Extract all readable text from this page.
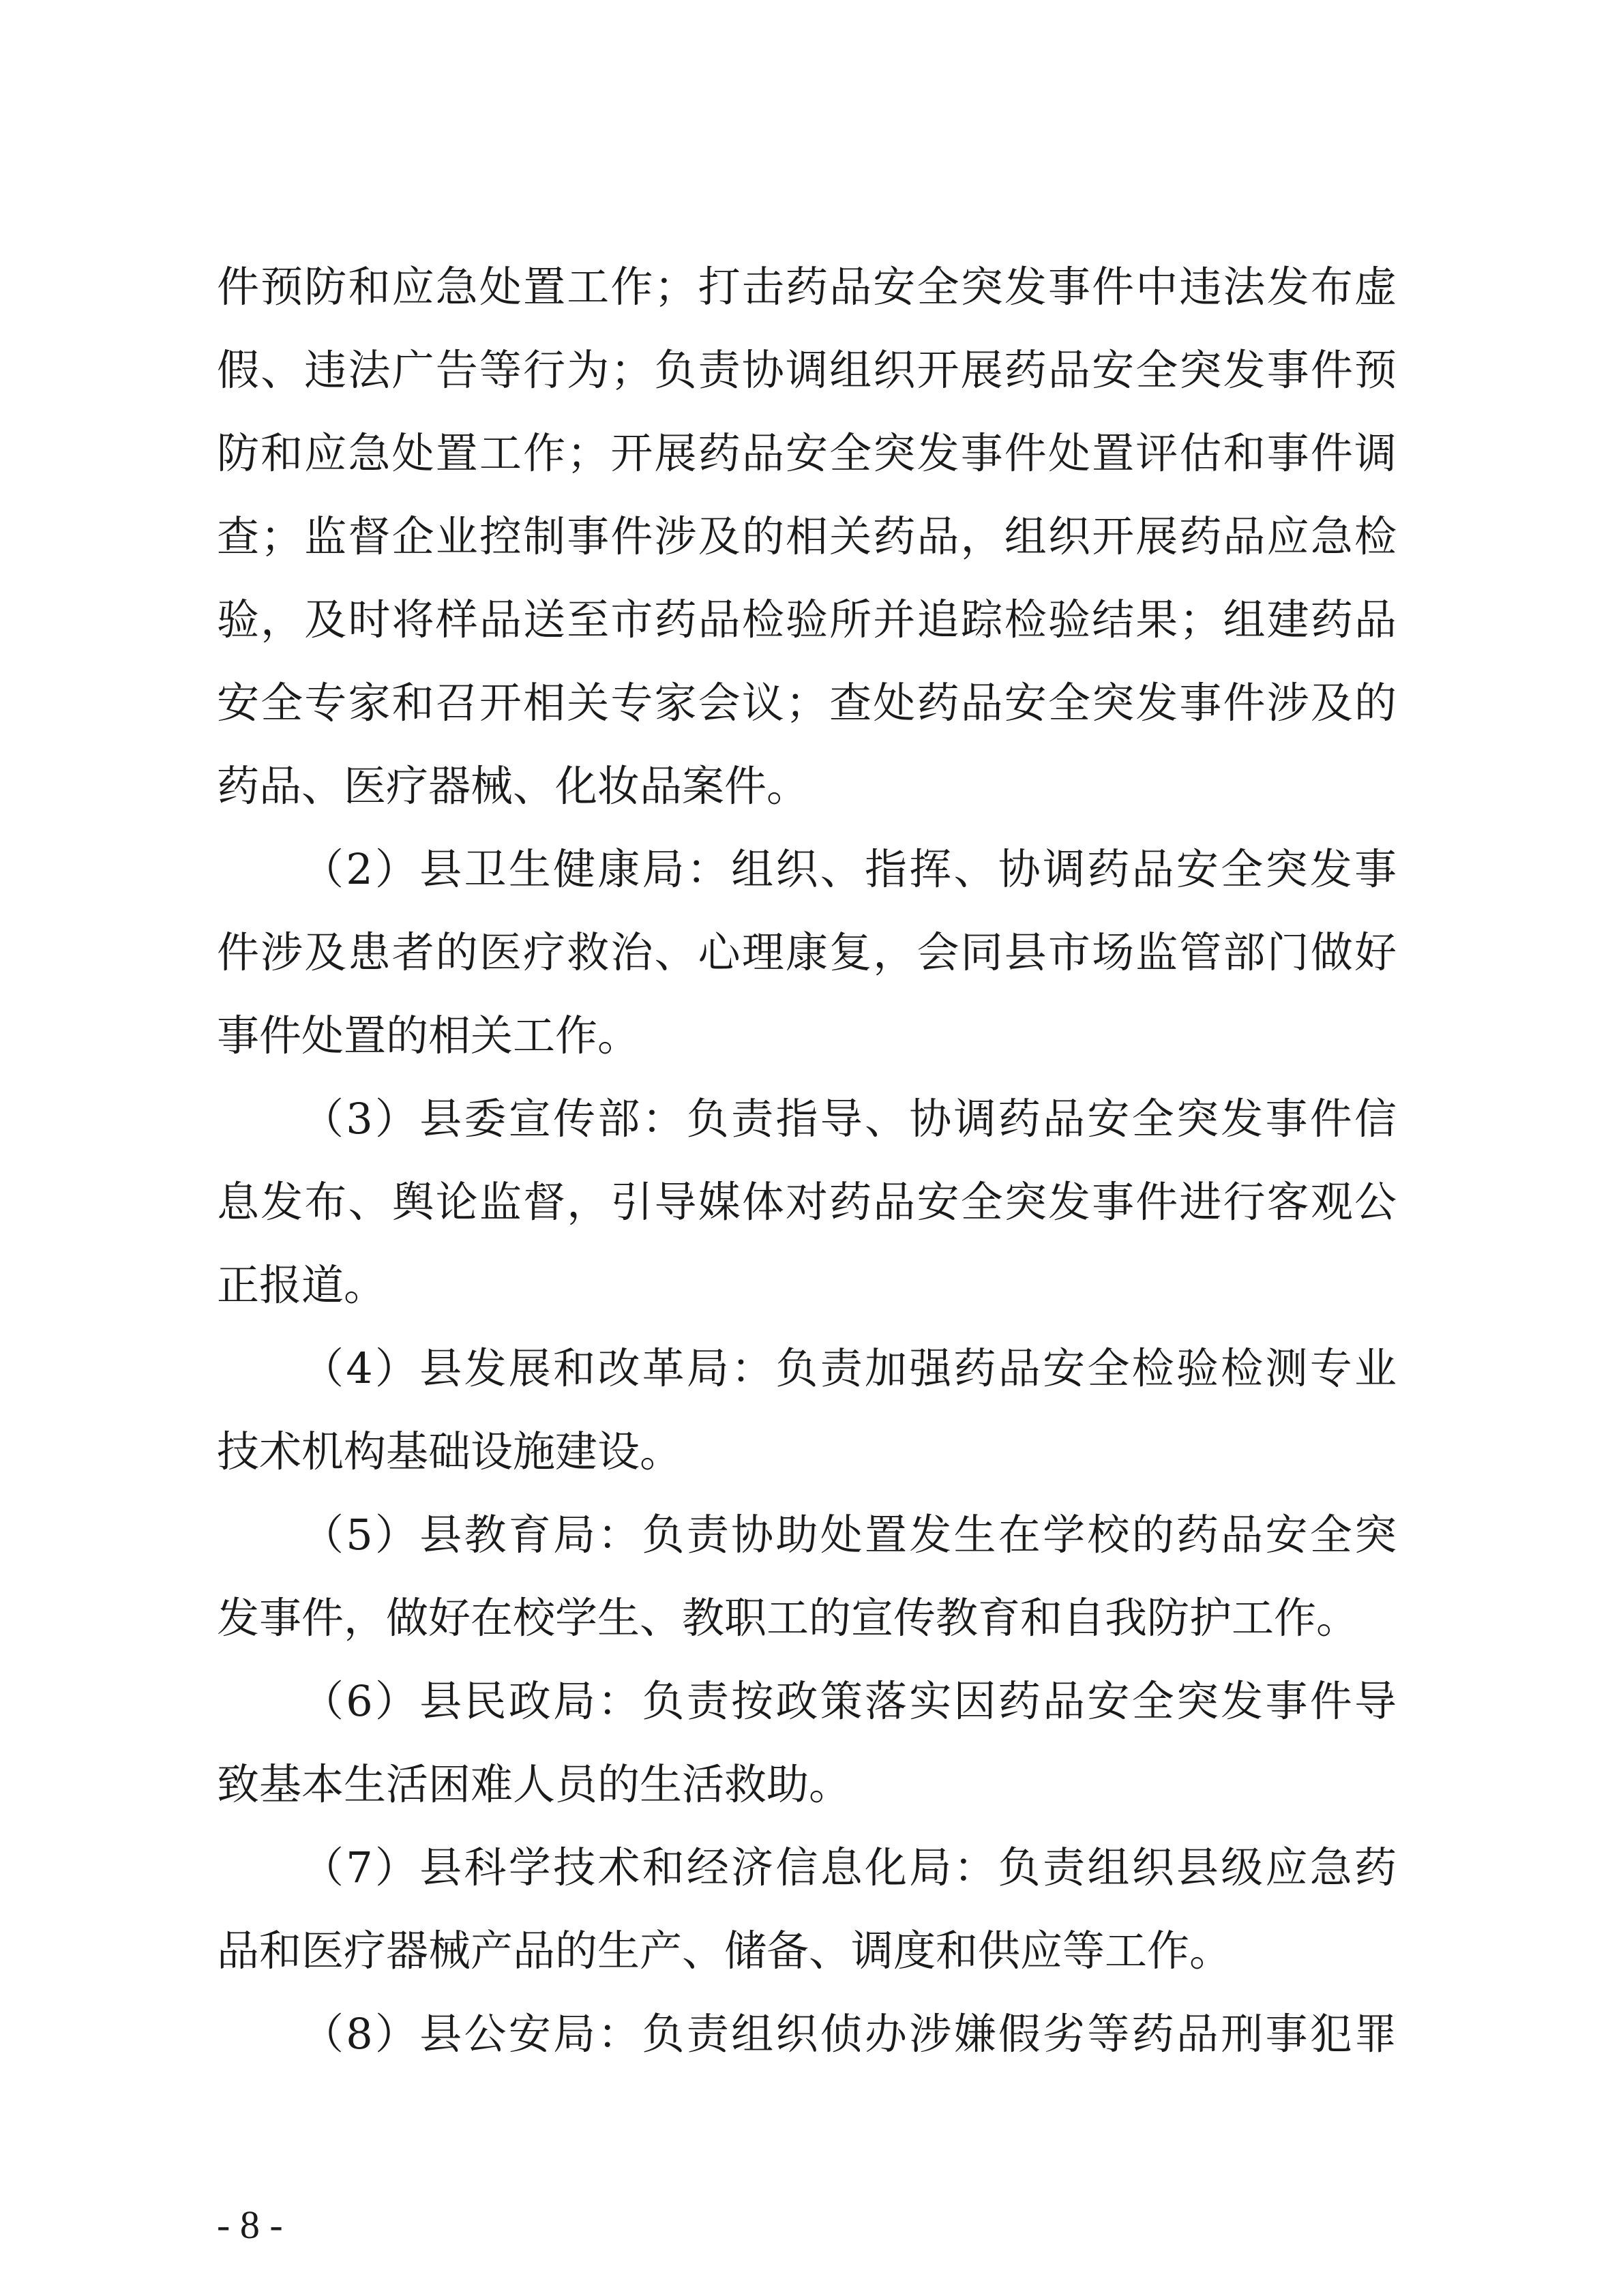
件预防和应急处置工作；打击药品安全突发事件中违法发布虚
假、违法广告等行为；负责协调组织开展药品安全突发事件预
防和应急处置工作；开展药品安全突发事件处置评估和事件调
查；监督企业控制事件涉及的相关药品，组织开展药品应急检
验，及时将样品送至市药品检验所并追踪检验结果；组建药品
安全专家和召开相关专家会议；查处药品安全突发事件涉及的
药品、医疗器械、化妆品案件。
（2）县卫生健康局：组织、指挥、协调药品安全突发事
件涉及患者的医疗救治、心理康复，会同县市场监管部门做好
事件处置的相关工作。
（3）县委宣传部：负责指导、协调药品安全突发事件信
息发布、舆论监督，引导媒体对药品安全突发事件进行客观公
正报道。
（4）县发展和改革局：负责加强药品安全检验检测专业
技术机构基础设施建设。
（5）县教育局：负责协助处置发生在学校的药品安全突
发事件，做好在校学生、教职工的宣传教育和自我防护工作。
（6）县民政局：负责按政策落实因药品安全突发事件导
致基本生活困难人员的生活救助。
（7）县科学技术和经济信息化局：负责组织县级应急药
品和医疗器械产品的生产、储备、调度和供应等工作。
（8）县公安局：负责组织侦办涉嫌假劣等药品刑事犯罪
- 8 -
